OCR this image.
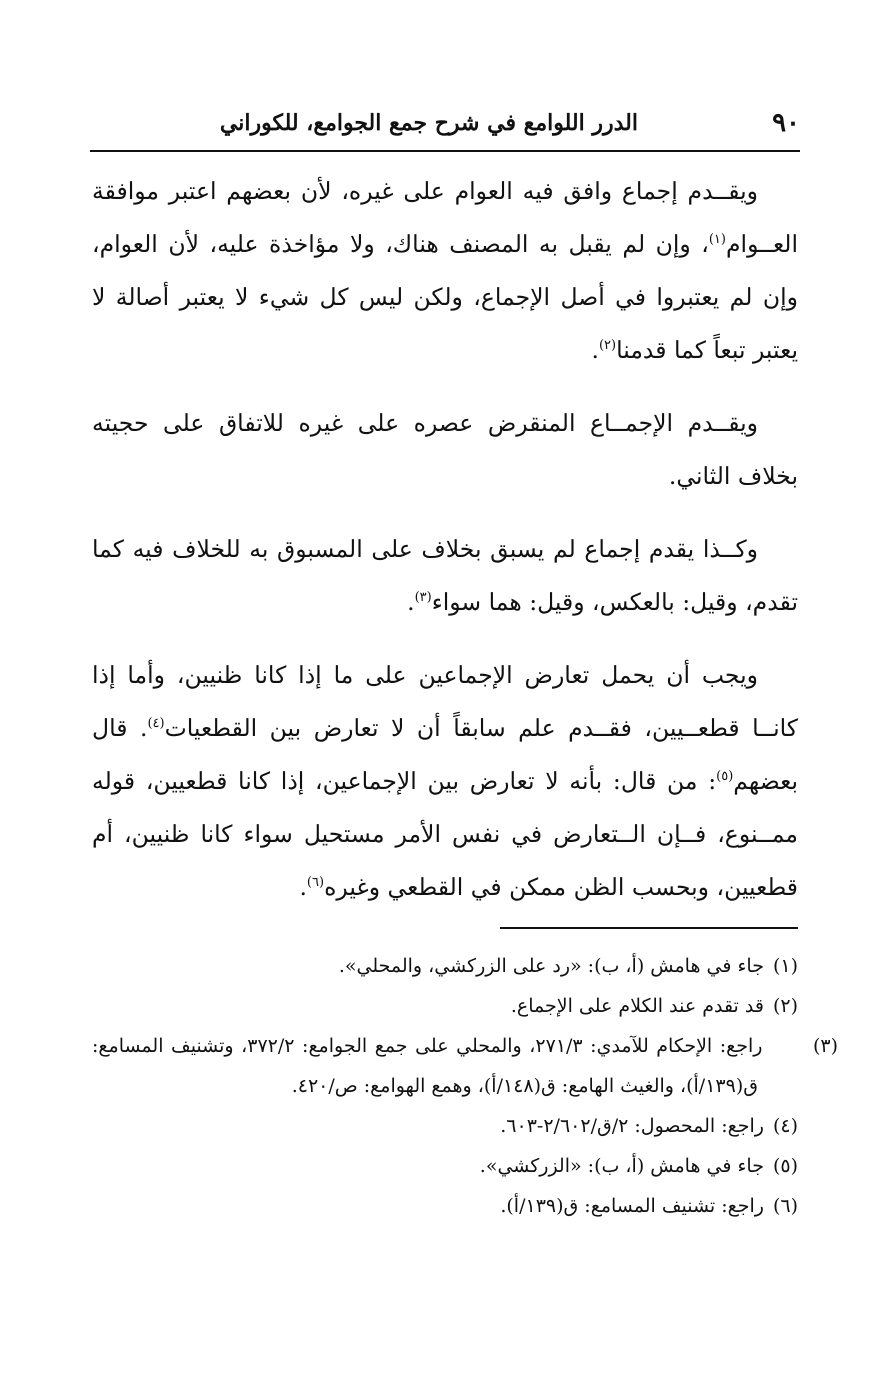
٩٠
الدرر اللوامع في شرح جمع الجوامع، للكوراني

ويقــدم إجماع وافق فيه العوام على غيره، لأن بعضهم اعتبر موافقة العــوام$^{(١)}$، وإن لم يقبل به المصنف هناك، ولا مؤاخذة عليه، لأن العوام، وإن لم يعتبروا في أصل الإجماع، ولكن ليس كل شيء لا يعتبر أصالة لا يعتبر تبعاً كما قدمنا$^{(٢)}$.

ويقــدم الإجمــاع المنقرض عصره على غيره للاتفاق على حجيته بخلاف الثاني.

وكــذا يقدم إجماع لم يسبق بخلاف على المسبوق به للخلاف فيه كما تقدم، وقيل: بالعكس، وقيل: هما سواء$^{(٣)}$.

ويجب أن يحمل تعارض الإجماعين على ما إذا كانا ظنيين، وأما إذا كانــا قطعــيين، فقــدم علم سابقاً أن لا تعارض بين القطعيات$^{(٤)}$. قال بعضهم$^{(٥)}$: من قال: بأنه لا تعارض بين الإجماعين، إذا كانا قطعيين، قوله ممــنوع، فــإن الــتعارض في نفس الأمر مستحيل سواء كانا ظنيين، أم قطعيين، وبحسب الظن ممكن في القطعي وغيره$^{(٦)}$.

(١) جاء في هامش (أ، ب): «رد على الزركشي، والمحلي».

(٢) قد تقدم عند الكلام على الإجماع.

(٣) راجع: الإحكام للآمدي: ٢٧١/٣، والمحلي على جمع الجوامع: ٣٧٢/٢، وتشنيف المسامع: ق(١٣٩/أ)، والغيث الهامع: ق(١٤٨/أ)، وهمع الهوامع: ص/٤٢٠.

(٤) راجع: المحصول: ٢/ق/٢/٦٠٢-٦٠٣.

(٥) جاء في هامش (أ، ب): «الزركشي».

(٦) راجع: تشنيف المسامع: ق(١٣٩/أ).
